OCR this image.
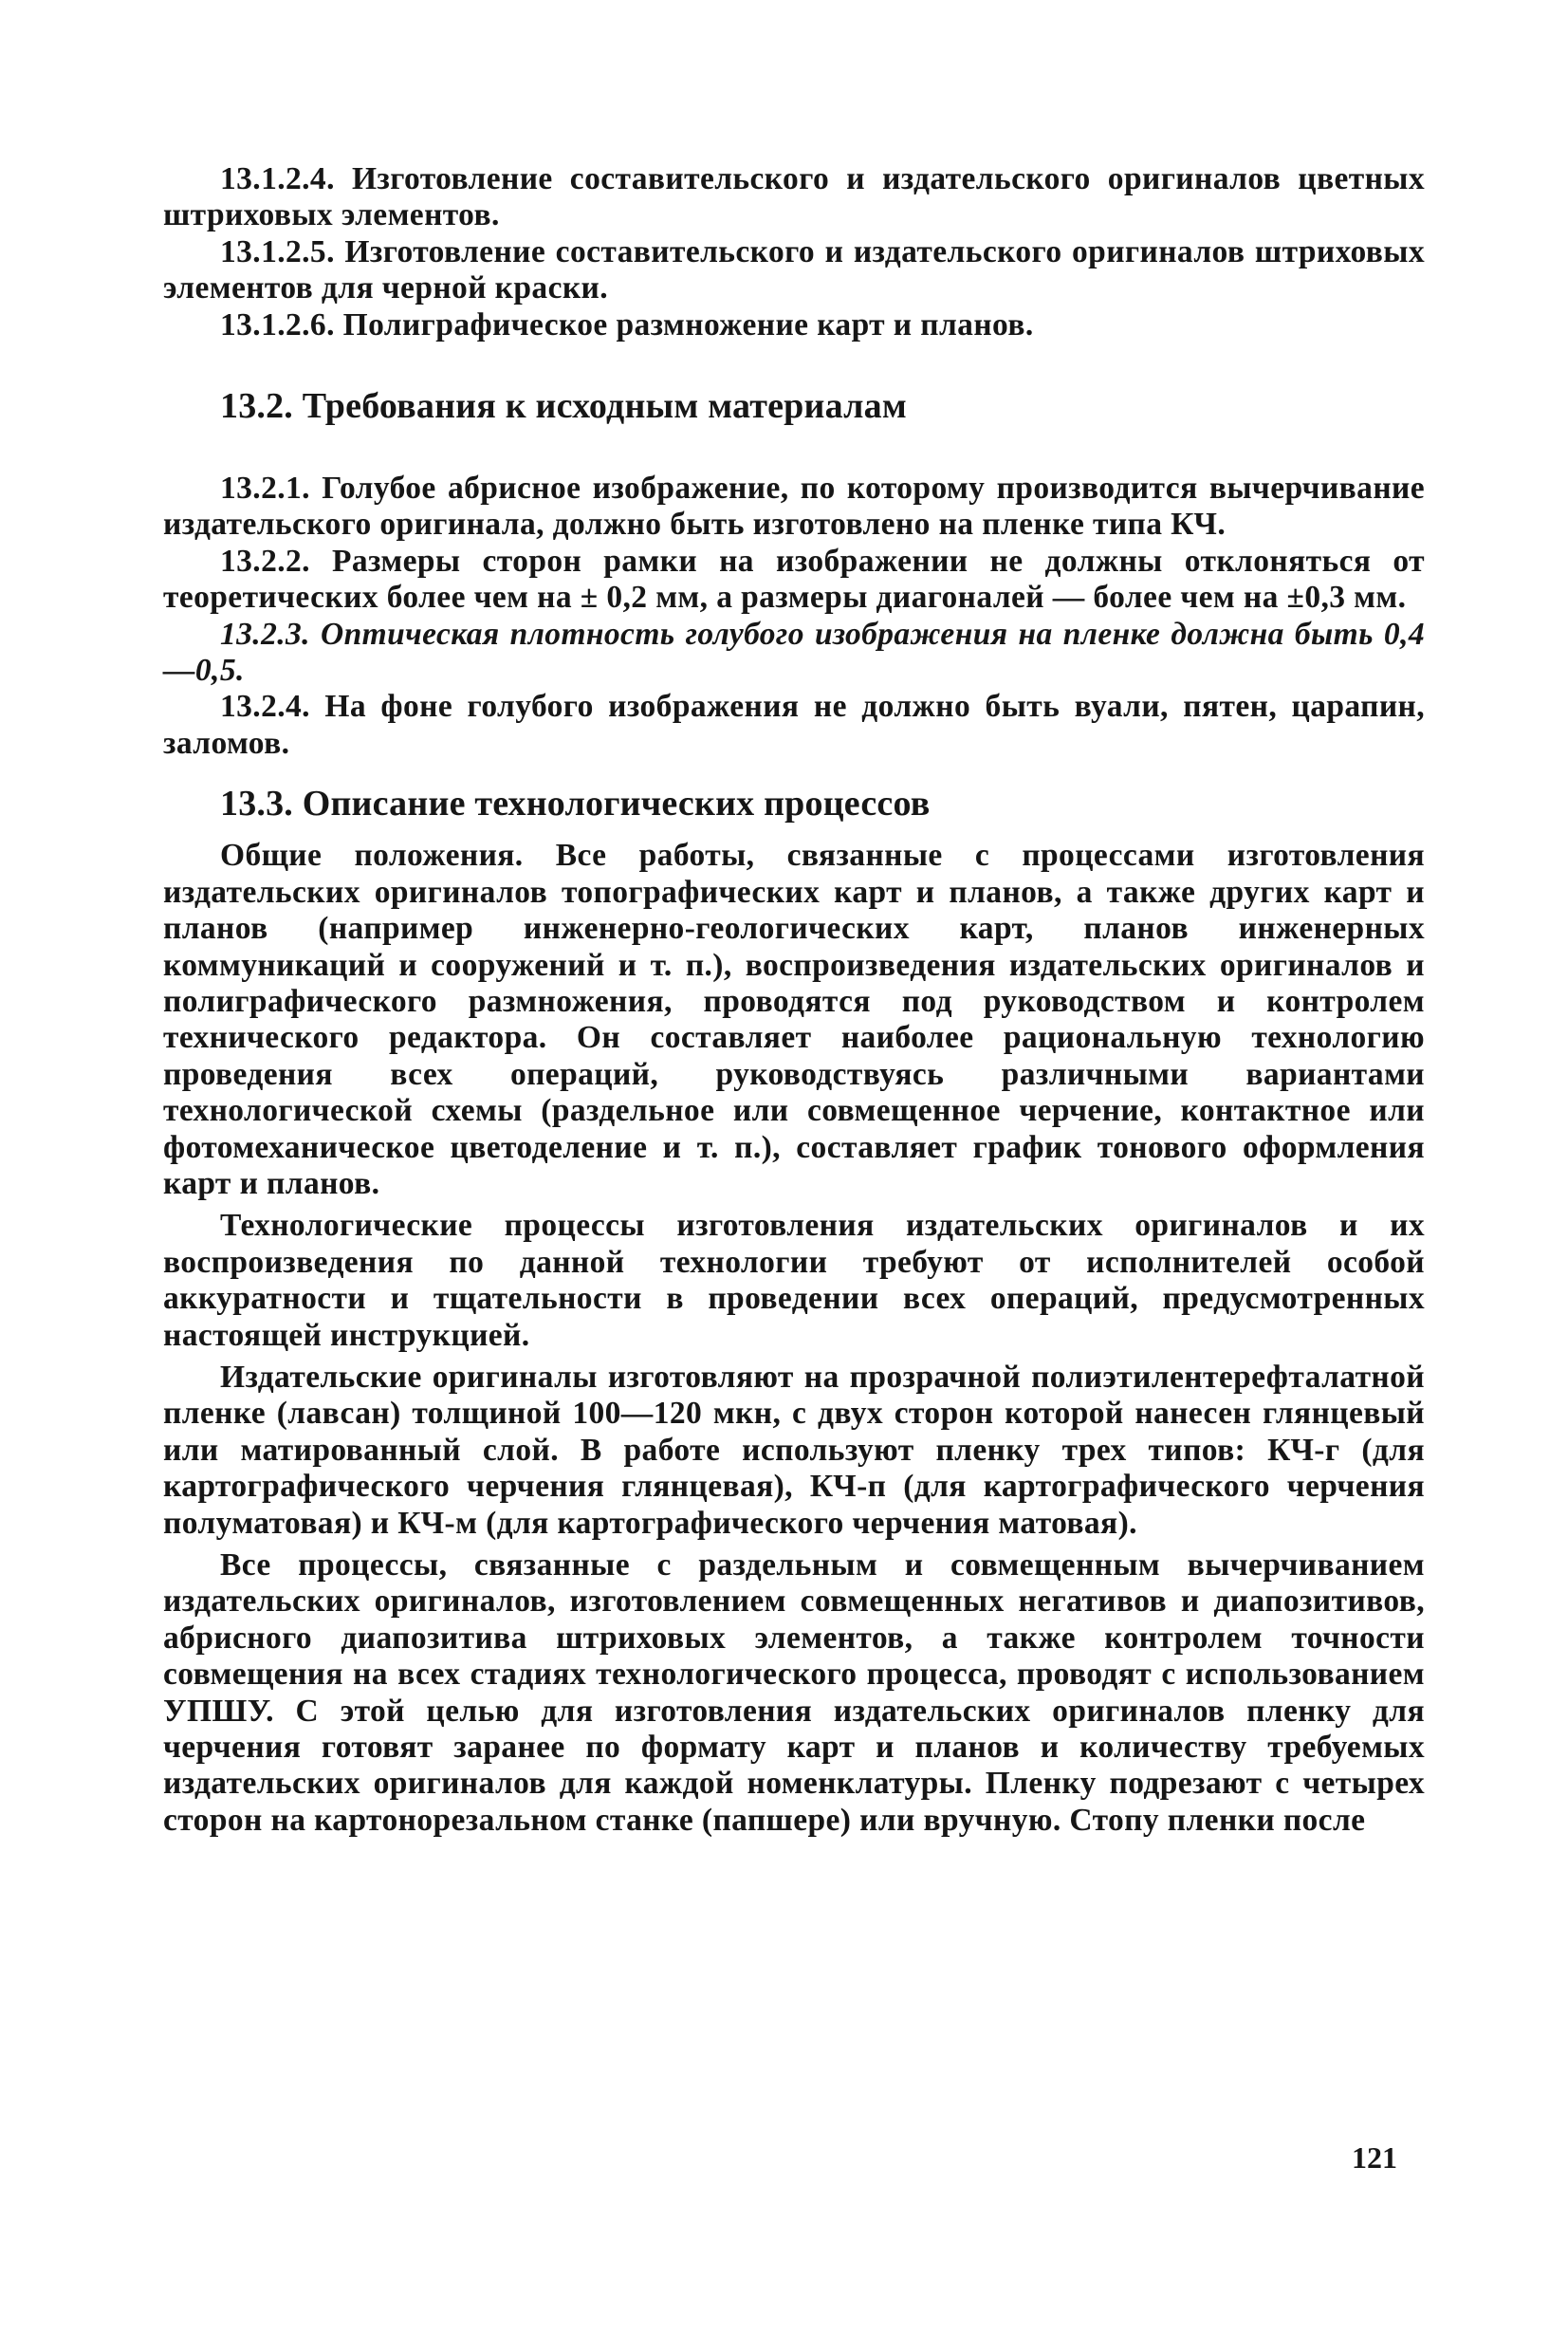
13.1.2.4. Изготовление составительского и издательского оригиналов цветных штриховых элементов.

13.1.2.5. Изготовление составительского и издательского оригиналов штриховых элементов для черной краски.

13.1.2.6. Полиграфическое размножение карт и планов.

13.2. Требования к исходным материалам

13.2.1. Голубое абрисное изображение, по которому производится вычерчивание издательского оригинала, должно быть изготовлено на пленке типа КЧ.

13.2.2. Размеры сторон рамки на изображении не должны отклоняться от теоретических более чем на ± 0,2 мм, а размеры диагоналей — более чем на ±0,3 мм.

13.2.3. Оптическая плотность голубого изображения на пленке должна быть 0,4—0,5.

13.2.4. На фоне голубого изображения не должно быть вуали, пятен, царапин, заломов.

13.3. Описание технологических процессов

Общие положения. Все работы, связанные с процессами изготовления издательских оригиналов топографических карт и планов, а также других карт и планов (например инженерно-геологических карт, планов инженерных коммуникаций и сооружений и т. п.), воспроизведения издательских оригиналов и полиграфического размножения, проводятся под руководством и контролем технического редактора. Он составляет наиболее рациональную технологию проведения всех операций, руководствуясь различными вариантами технологической схемы (раздельное или совмещенное черчение, контактное или фотомеханическое цветоделение и т. п.), составляет график тонового оформления карт и планов.

Технологические процессы изготовления издательских оригиналов и их воспроизведения по данной технологии требуют от исполнителей особой аккуратности и тщательности в проведении всех операций, предусмотренных настоящей инструкцией.

Издательские оригиналы изготовляют на прозрачной полиэтилентерефталатной пленке (лавсан) толщиной 100—120 мкн, с двух сторон которой нанесен глянцевый или матированный слой. В работе используют пленку трех типов: КЧ-г (для картографического черчения глянцевая), КЧ-п (для картографического черчения полуматовая) и КЧ-м (для картографического черчения матовая).

Все процессы, связанные с раздельным и совмещенным вычерчиванием издательских оригиналов, изготовлением совмещенных негативов и диапозитивов, абрисного диапозитива штриховых элементов, а также контролем точности совмещения на всех стадиях технологического процесса, проводят с использованием УПШУ. С этой целью для изготовления издательских оригиналов пленку для черчения готовят заранее по формату карт и планов и количеству требуемых издательских оригиналов для каждой номенклатуры. Пленку подрезают с четырех сторон на картонорезальном станке (папшере) или вручную. Стопу пленки после

121
